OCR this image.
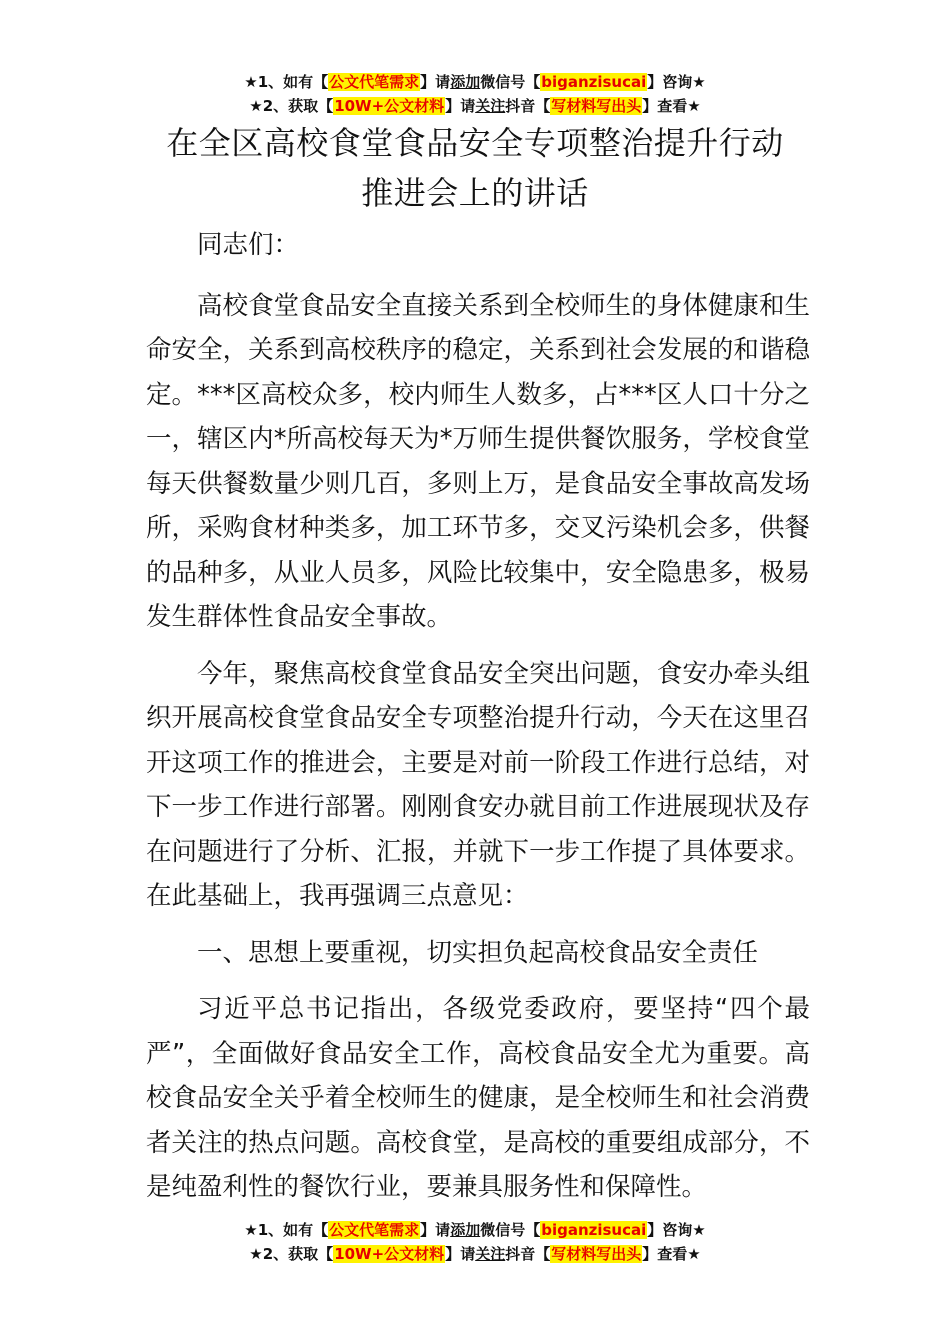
★1、如有【公文代笔需求】请添加微信号【biganzisucai】咨询★
★2、获取【10W+公文材料】请关注抖音【写材料写出头】查看★
在全区高校食堂食品安全专项整治提升行动
推进会上的讲话

同志们：

高校食堂食品安全直接关系到全校师生的身体健康和生命安全，关系到高校秩序的稳定，关系到社会发展的和谐稳定。***区高校众多，校内师生人数多，占***区人口十分之一，辖区内*所高校每天为*万师生提供餐饮服务，学校食堂每天供餐数量少则几百，多则上万，是食品安全事故高发场所，采购食材种类多，加工环节多，交叉污染机会多，供餐的品种多，从业人员多，风险比较集中，安全隐患多，极易发生群体性食品安全事故。

今年，聚焦高校食堂食品安全突出问题，食安办牵头组织开展高校食堂食品安全专项整治提升行动，今天在这里召开这项工作的推进会，主要是对前一阶段工作进行总结，对下一步工作进行部署。刚刚食安办就目前工作进展现状及存在问题进行了分析、汇报，并就下一步工作提了具体要求。在此基础上，我再强调三点意见：

一、思想上要重视，切实担负起高校食品安全责任

习近平总书记指出，各级党委政府，要坚持“四个最严”，全面做好食品安全工作，高校食品安全尤为重要。高校食品安全关乎着全校师生的健康，是全校师生和社会消费者关注的热点问题。高校食堂，是高校的重要组成部分，不是纯盈利性的餐饮行业，要兼具服务性和保障性。

★1、如有【公文代笔需求】请添加微信号【biganzisucai】咨询★
★2、获取【10W+公文材料】请关注抖音【写材料写出头】查看★
